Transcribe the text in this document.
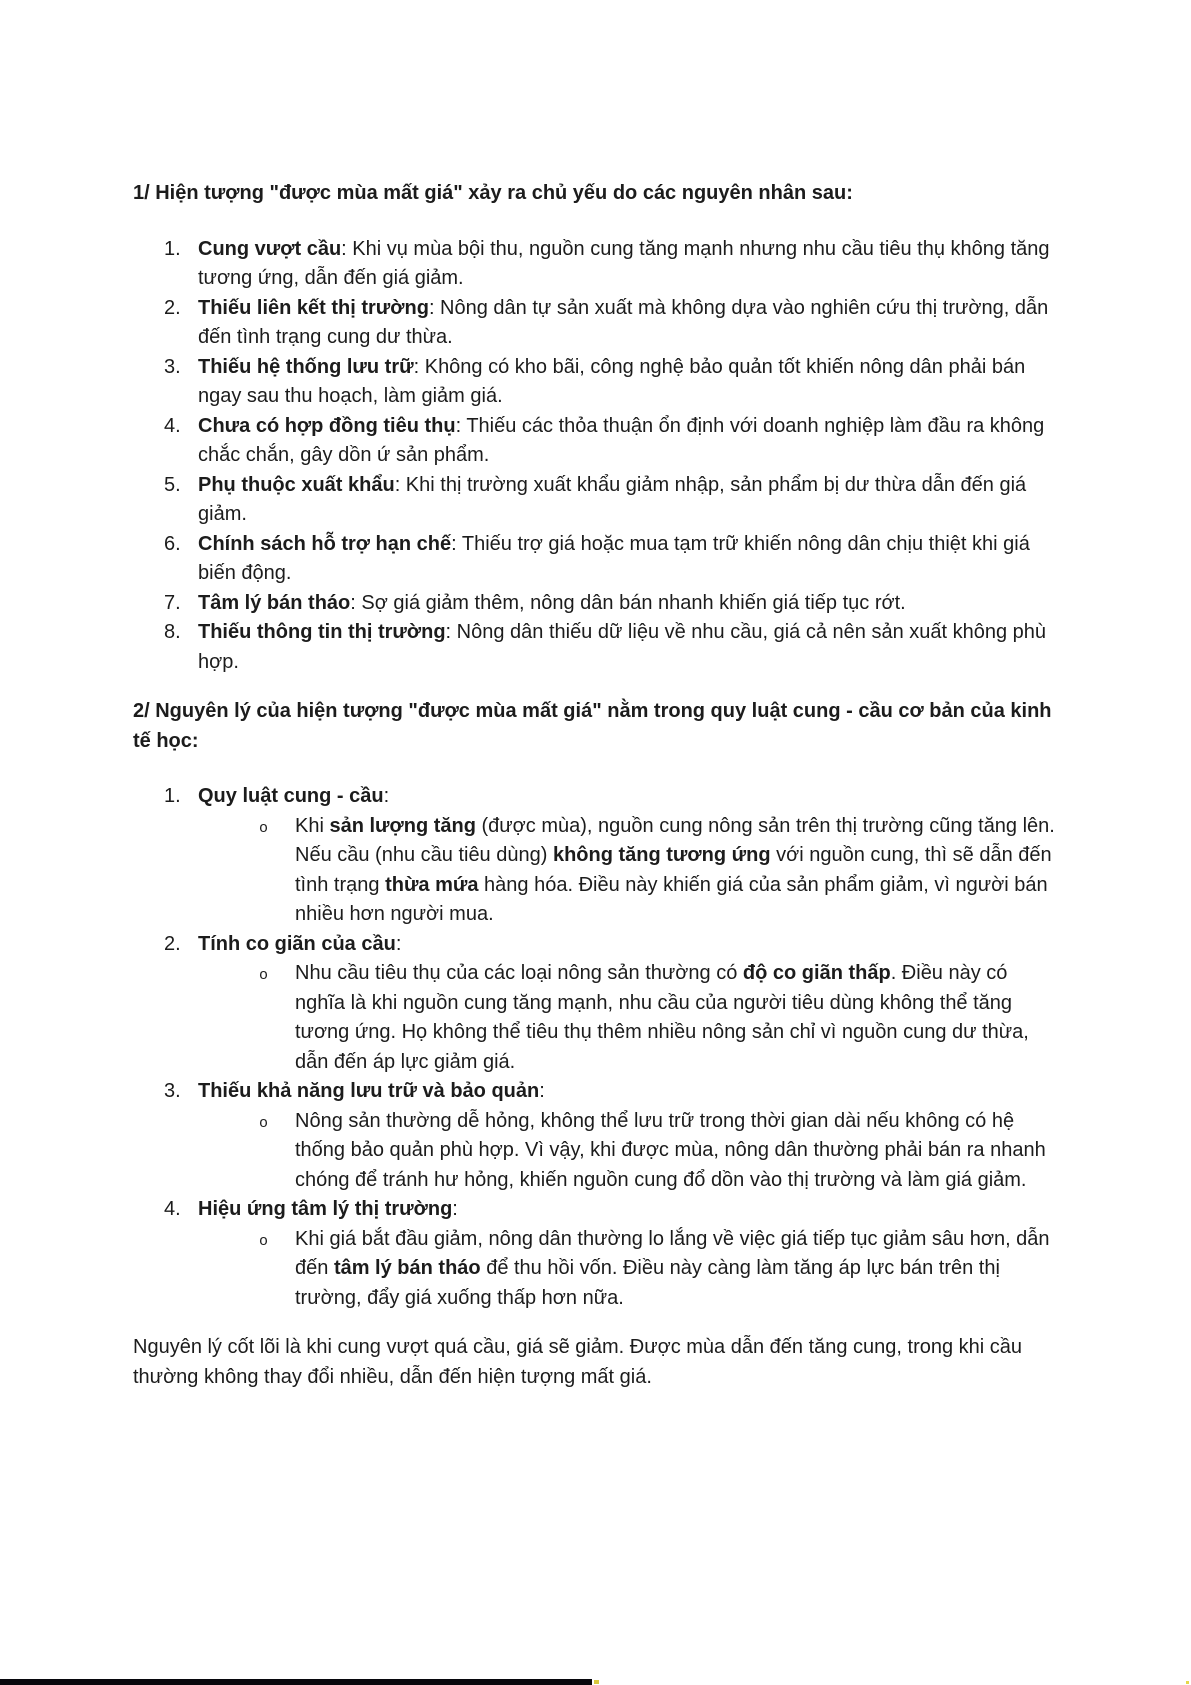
1/ Hiện tượng "được mùa mất giá" xảy ra chủ yếu do các nguyên nhân sau:

1. Cung vượt cầu: Khi vụ mùa bội thu, nguồn cung tăng mạnh nhưng nhu cầu tiêu thụ không tăng tương ứng, dẫn đến giá giảm.
2. Thiếu liên kết thị trường: Nông dân tự sản xuất mà không dựa vào nghiên cứu thị trường, dẫn đến tình trạng cung dư thừa.
3. Thiếu hệ thống lưu trữ: Không có kho bãi, công nghệ bảo quản tốt khiến nông dân phải bán ngay sau thu hoạch, làm giảm giá.
4. Chưa có hợp đồng tiêu thụ: Thiếu các thỏa thuận ổn định với doanh nghiệp làm đầu ra không chắc chắn, gây dồn ứ sản phẩm.
5. Phụ thuộc xuất khẩu: Khi thị trường xuất khẩu giảm nhập, sản phẩm bị dư thừa dẫn đến giá giảm.
6. Chính sách hỗ trợ hạn chế: Thiếu trợ giá hoặc mua tạm trữ khiến nông dân chịu thiệt khi giá biến động.
7. Tâm lý bán tháo: Sợ giá giảm thêm, nông dân bán nhanh khiến giá tiếp tục rớt.
8. Thiếu thông tin thị trường: Nông dân thiếu dữ liệu về nhu cầu, giá cả nên sản xuất không phù hợp.

2/ Nguyên lý của hiện tượng "được mùa mất giá" nằm trong quy luật cung - cầu cơ bản của kinh tế học:

1. Quy luật cung - cầu:
o Khi sản lượng tăng (được mùa), nguồn cung nông sản trên thị trường cũng tăng lên. Nếu cầu (nhu cầu tiêu dùng) không tăng tương ứng với nguồn cung, thì sẽ dẫn đến tình trạng thừa mứa hàng hóa. Điều này khiến giá của sản phẩm giảm, vì người bán nhiều hơn người mua.
2. Tính co giãn của cầu:
o Nhu cầu tiêu thụ của các loại nông sản thường có độ co giãn thấp. Điều này có nghĩa là khi nguồn cung tăng mạnh, nhu cầu của người tiêu dùng không thể tăng tương ứng. Họ không thể tiêu thụ thêm nhiều nông sản chỉ vì nguồn cung dư thừa, dẫn đến áp lực giảm giá.
3. Thiếu khả năng lưu trữ và bảo quản:
o Nông sản thường dễ hỏng, không thể lưu trữ trong thời gian dài nếu không có hệ thống bảo quản phù hợp. Vì vậy, khi được mùa, nông dân thường phải bán ra nhanh chóng để tránh hư hỏng, khiến nguồn cung đổ dồn vào thị trường và làm giá giảm.
4. Hiệu ứng tâm lý thị trường:
o Khi giá bắt đầu giảm, nông dân thường lo lắng về việc giá tiếp tục giảm sâu hơn, dẫn đến tâm lý bán tháo để thu hồi vốn. Điều này càng làm tăng áp lực bán trên thị trường, đẩy giá xuống thấp hơn nữa.

Nguyên lý cốt lõi là khi cung vượt quá cầu, giá sẽ giảm. Được mùa dẫn đến tăng cung, trong khi cầu thường không thay đổi nhiều, dẫn đến hiện tượng mất giá.
